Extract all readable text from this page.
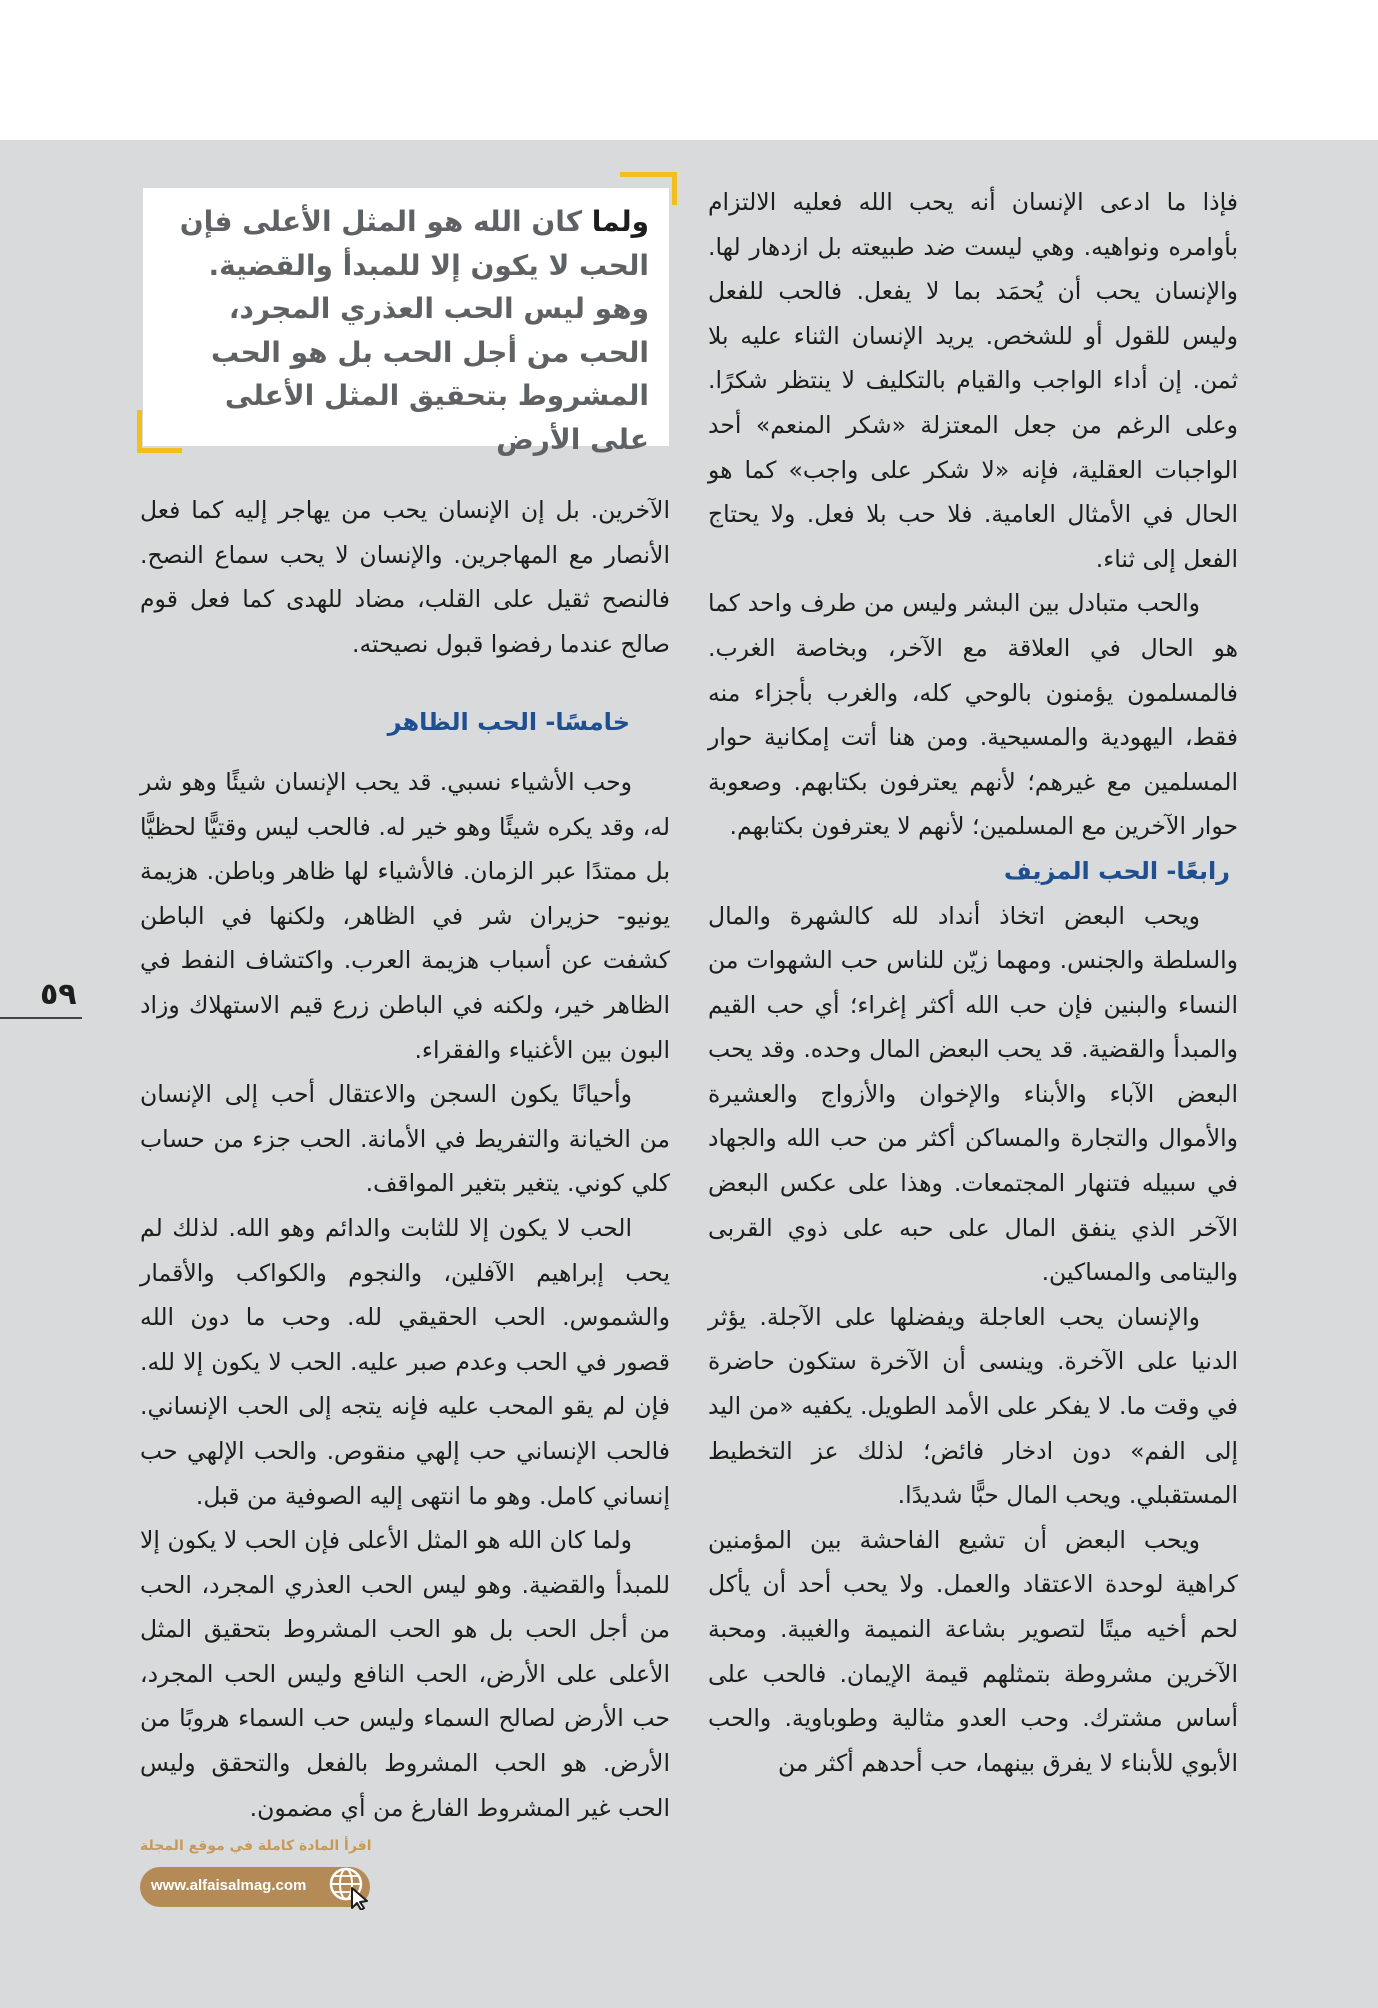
ولما كان الله هو المثل الأعلى فإن الحب لا يكون إلا للمبدأ والقضية. وهو ليس الحب العذري المجرد، الحب من أجل الحب بل هو الحب المشروط بتحقيق المثل الأعلى على الأرض

فإذا ما ادعى الإنسان أنه يحب الله فعليه الالتزام بأوامره ونواهيه. وهي ليست ضد طبيعته بل ازدهار لها. والإنسان يحب أن يُحمَد بما لا يفعل. فالحب للفعل وليس للقول أو للشخص. يريد الإنسان الثناء عليه بلا ثمن. إن أداء الواجب والقيام بالتكليف لا ينتظر شكرًا. وعلى الرغم من جعل المعتزلة «شكر المنعم» أحد الواجبات العقلية، فإنه «لا شكر على واجب» كما هو الحال في الأمثال العامية. فلا حب بلا فعل. ولا يحتاج الفعل إلى ثناء.

والحب متبادل بين البشر وليس من طرف واحد كما هو الحال في العلاقة مع الآخر، وبخاصة الغرب. فالمسلمون يؤمنون بالوحي كله، والغرب بأجزاء منه فقط، اليهودية والمسيحية. ومن هنا أتت إمكانية حوار المسلمين مع غيرهم؛ لأنهم يعترفون بكتابهم. وصعوبة حوار الآخرين مع المسلمين؛ لأنهم لا يعترفون بكتابهم.

رابعًا- الحب المزيف

ويحب البعض اتخاذ أنداد لله كالشهرة والمال والسلطة والجنس. ومهما زيّن للناس حب الشهوات من النساء والبنين فإن حب الله أكثر إغراء؛ أي حب القيم والمبدأ والقضية. قد يحب البعض المال وحده. وقد يحب البعض الآباء والأبناء والإخوان والأزواج والعشيرة والأموال والتجارة والمساكن أكثر من حب الله والجهاد في سبيله فتنهار المجتمعات. وهذا على عكس البعض الآخر الذي ينفق المال على حبه على ذوي القربى واليتامى والمساكين.

والإنسان يحب العاجلة ويفضلها على الآجلة. يؤثر الدنيا على الآخرة. وينسى أن الآخرة ستكون حاضرة في وقت ما. لا يفكر على الأمد الطويل. يكفيه «من اليد إلى الفم» دون ادخار فائض؛ لذلك عز التخطيط المستقبلي. ويحب المال حبًّا شديدًا.

ويحب البعض أن تشيع الفاحشة بين المؤمنين كراهية لوحدة الاعتقاد والعمل. ولا يحب أحد أن يأكل لحم أخيه ميتًا لتصوير بشاعة النميمة والغيبة. ومحبة الآخرين مشروطة بتمثلهم قيمة الإيمان. فالحب على أساس مشترك. وحب العدو مثالية وطوباوية. والحب الأبوي للأبناء لا يفرق بينهما، حب أحدهم أكثر من

الآخرين. بل إن الإنسان يحب من يهاجر إليه كما فعل الأنصار مع المهاجرين. والإنسان لا يحب سماع النصح. فالنصح ثقيل على القلب، مضاد للهدى كما فعل قوم صالح عندما رفضوا قبول نصيحته.

خامسًا- الحب الظاهر

وحب الأشياء نسبي. قد يحب الإنسان شيئًا وهو شر له، وقد يكره شيئًا وهو خير له. فالحب ليس وقتيًّا لحظيًّا بل ممتدًا عبر الزمان. فالأشياء لها ظاهر وباطن. هزيمة يونيو- حزيران شر في الظاهر، ولكنها في الباطن كشفت عن أسباب هزيمة العرب. واكتشاف النفط في الظاهر خير، ولكنه في الباطن زرع قيم الاستهلاك وزاد البون بين الأغنياء والفقراء.

وأحيانًا يكون السجن والاعتقال أحب إلى الإنسان من الخيانة والتفريط في الأمانة. الحب جزء من حساب كلي كوني. يتغير بتغير المواقف.

الحب لا يكون إلا للثابت والدائم وهو الله. لذلك لم يحب إبراهيم الآفلين، والنجوم والكواكب والأقمار والشموس. الحب الحقيقي لله. وحب ما دون الله قصور في الحب وعدم صبر عليه. الحب لا يكون إلا لله. فإن لم يقو المحب عليه فإنه يتجه إلى الحب الإنساني. فالحب الإنساني حب إلهي منقوص. والحب الإلهي حب إنساني كامل. وهو ما انتهى إليه الصوفية من قبل.

ولما كان الله هو المثل الأعلى فإن الحب لا يكون إلا للمبدأ والقضية. وهو ليس الحب العذري المجرد، الحب من أجل الحب بل هو الحب المشروط بتحقيق المثل الأعلى على الأرض، الحب النافع وليس الحب المجرد، حب الأرض لصالح السماء وليس حب السماء هروبًا من الأرض. هو الحب المشروط بالفعل والتحقق وليس الحب غير المشروط الفارغ من أي مضمون.

٥٩
اقرأ المادة كاملة في موقع المجلة
www.alfaisalmag.com
